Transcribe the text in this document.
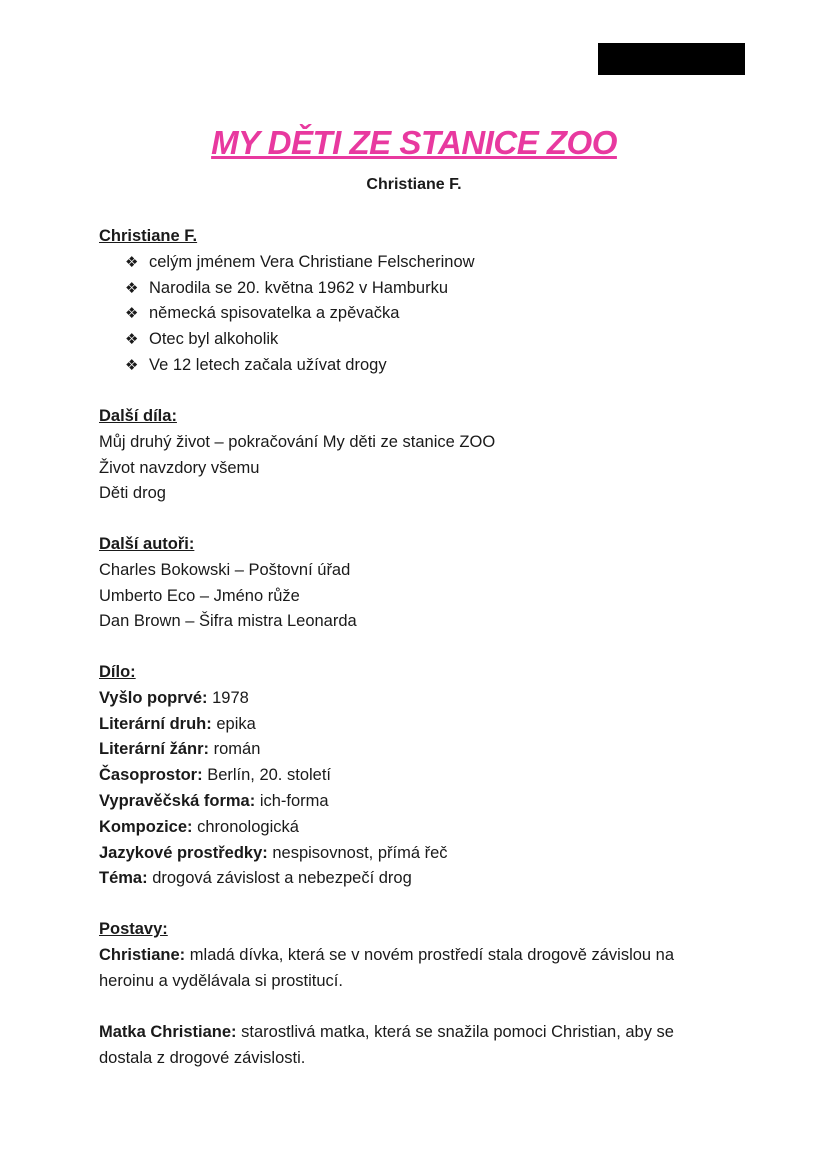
MY DĚTI ZE STANICE ZOO
Christiane F.
Christiane F.
❖ celým jménem Vera Christiane Felscherinow
❖ Narodila se 20. května 1962 v Hamburku
❖ německá spisovatelka a zpěvačka
❖ Otec byl alkoholik
❖ Ve 12 letech začala užívat drogy
Další díla:
Můj druhý život – pokračování My děti ze stanice ZOO
Život navzdory všemu
Děti drog
Další autoři:
Charles Bokowski – Poštovní úřad
Umberto Eco – Jméno růže
Dan Brown – Šifra mistra Leonarda
Dílo:
Vyšlo poprvé: 1978
Literární druh: epika
Literární žánr: román
Časoprostor: Berlín, 20. století
Vypravěčská forma: ich-forma
Kompozice: chronologická
Jazykové prostředky: nespisovnost, přímá řeč
Téma: drogová závislost a nebezpečí drog
Postavy:
Christiane: mladá dívka, která se v novém prostředí stala drogově závislou na
heroinu a vydělávala si prostitucí.
Matka Christiane: starostlivá matka, která se snažila pomoci Christian, aby se
dostala z drogové závislosti.
